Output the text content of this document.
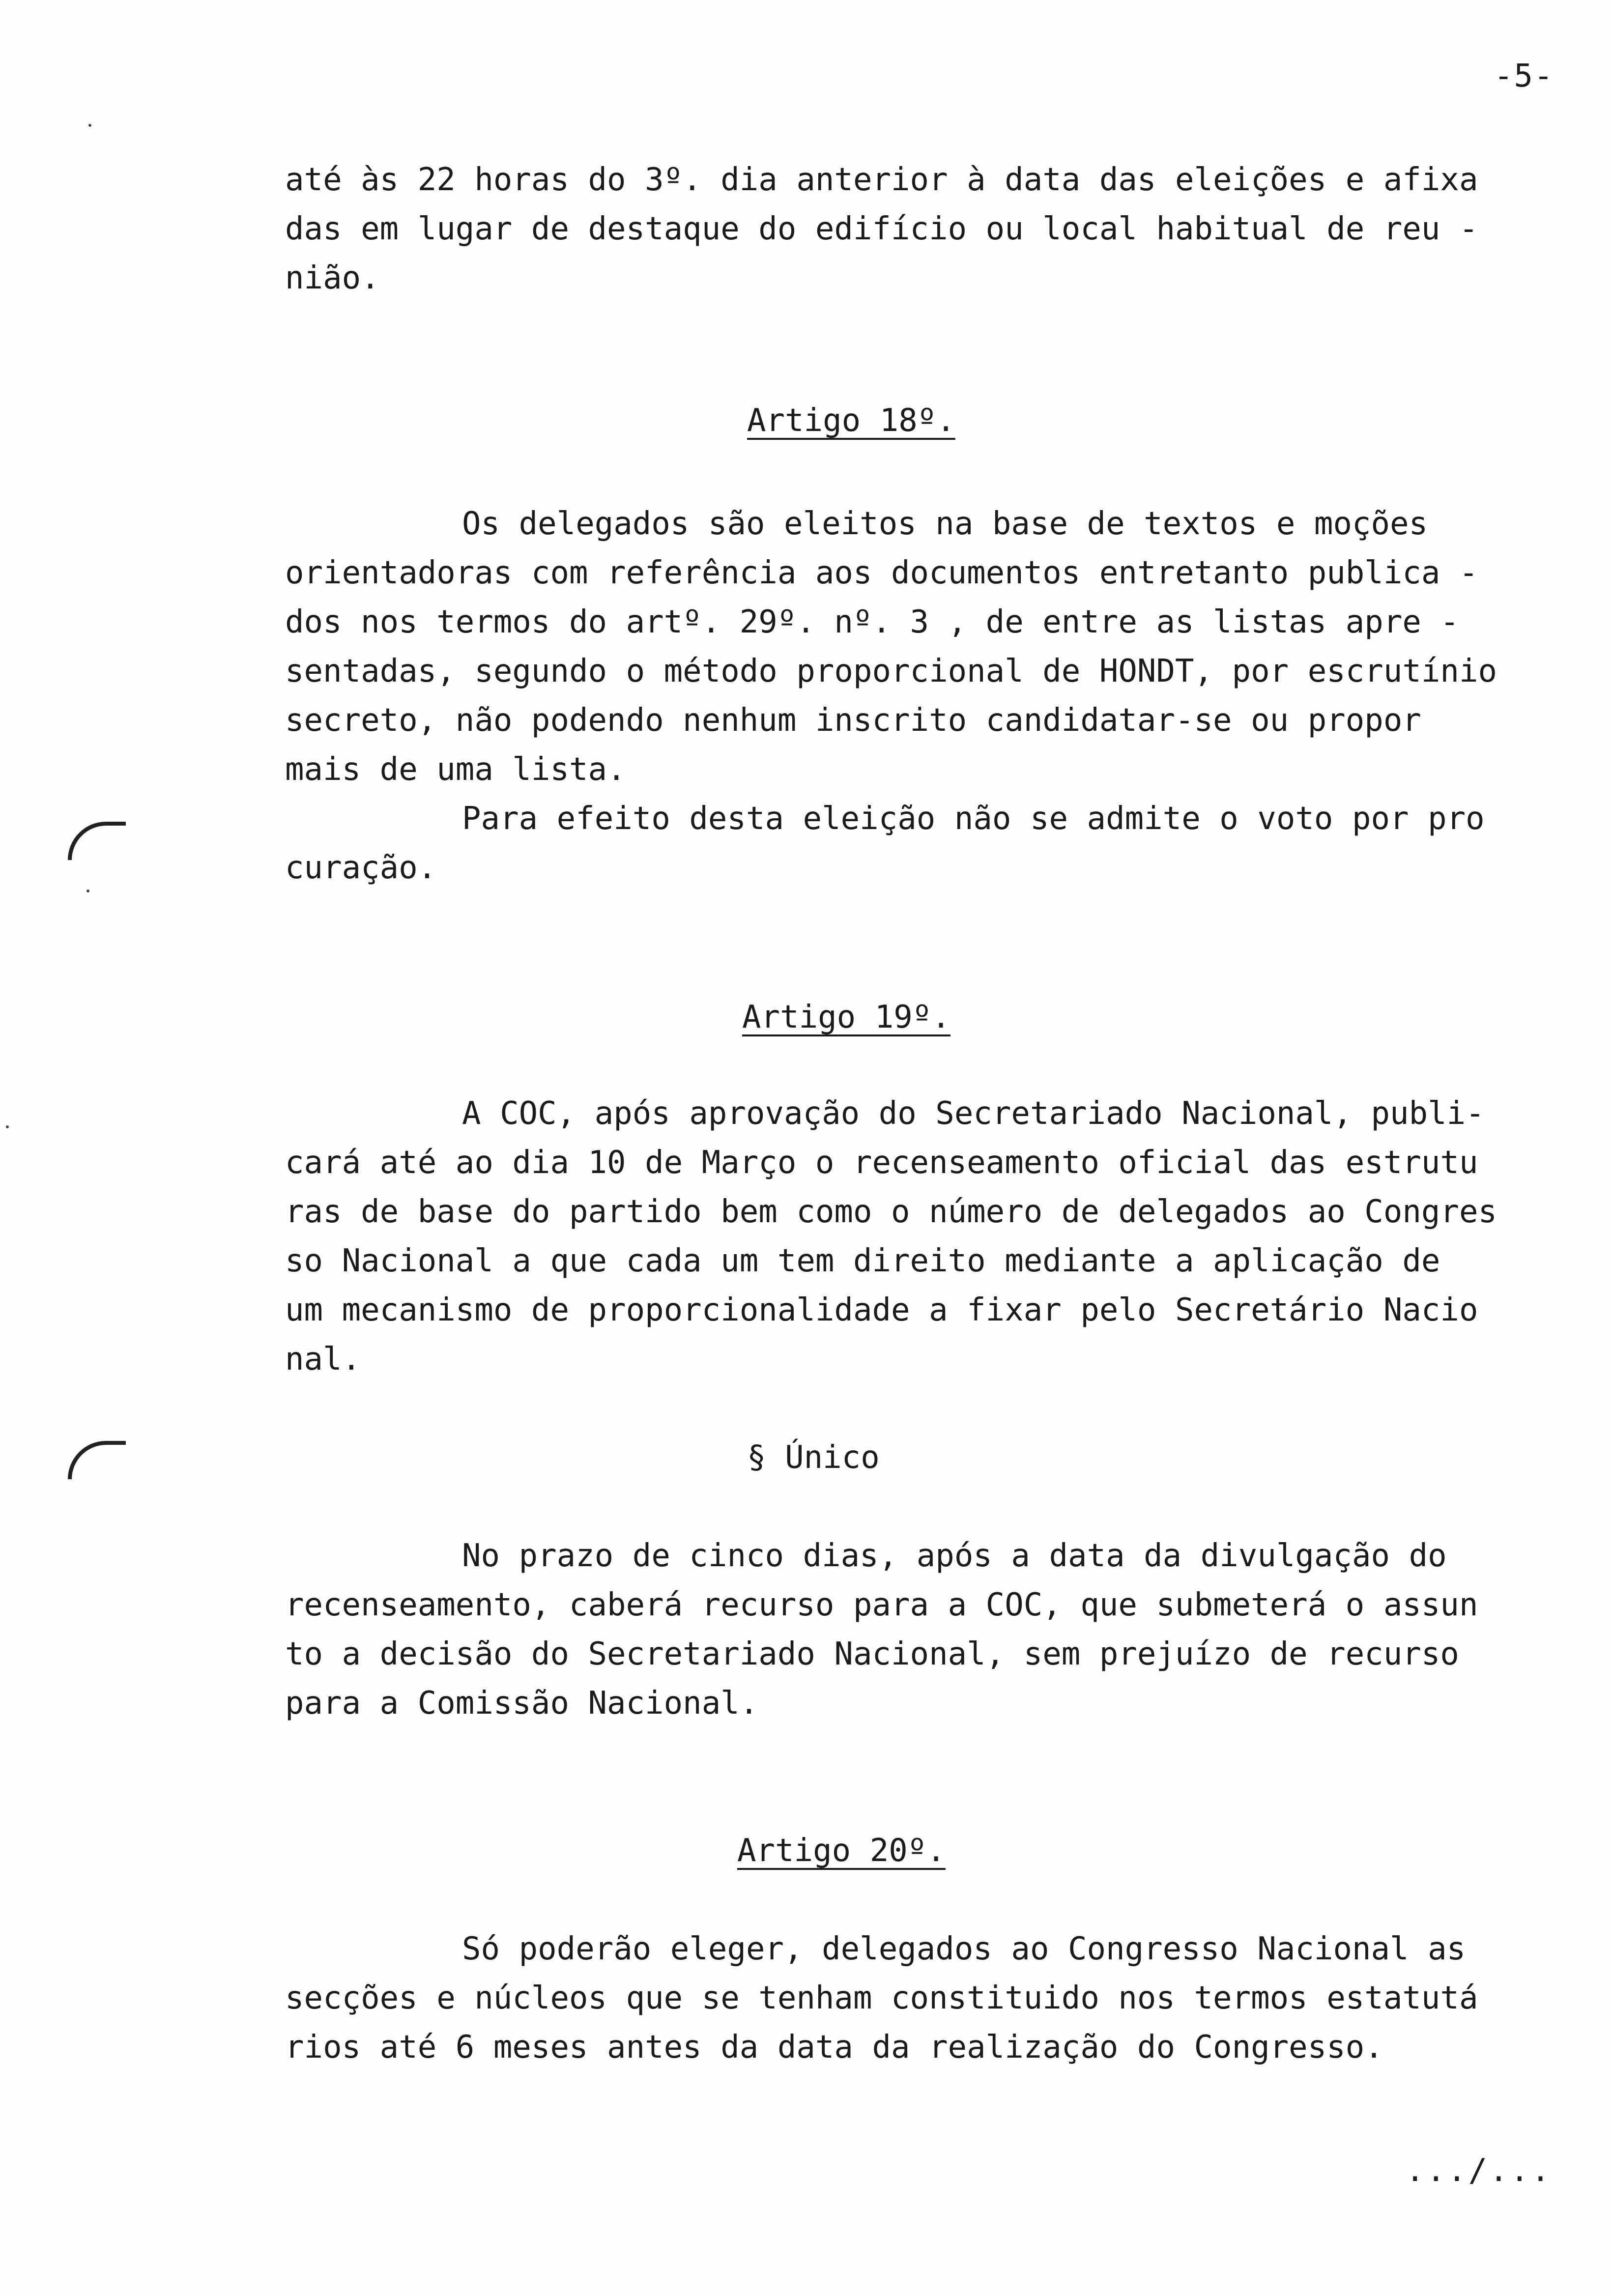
-5-
até às 22 horas do 3º. dia anterior à data das eleições e afixa
das em lugar de destaque do edifício ou local habitual de reu -
nião.
Artigo 18º.
Os delegados são eleitos na base de textos e moções
orientadoras com referência aos documentos entretanto publica -
dos nos termos do artº. 29º. nº. 3 , de entre as listas apre -
sentadas, segundo o método proporcional de HONDT, por escrutínio
secreto, não podendo nenhum inscrito candidatar-se ou propor
mais de uma lista.
Para efeito desta eleição não se admite o voto por pro
curação.
Artigo 19º.
A COC, após aprovação do Secretariado Nacional, publi-
cará até ao dia 10 de Março o recenseamento oficial das estrutu
ras de base do partido bem como o número de delegados ao Congres
so Nacional a que cada um tem direito mediante a aplicação de
um mecanismo de proporcionalidade a fixar pelo Secretário Nacio
nal.
§ Único
No prazo de cinco dias, após a data da divulgação do
recenseamento, caberá recurso para a COC, que submeterá o assun
to a decisão do Secretariado Nacional, sem prejuízo de recurso
para a Comissão Nacional.
Artigo 20º.
Só poderão eleger, delegados ao Congresso Nacional as
secções e núcleos que se tenham constituido nos termos estatutá
rios até 6 meses antes da data da realização do Congresso.
.../...
